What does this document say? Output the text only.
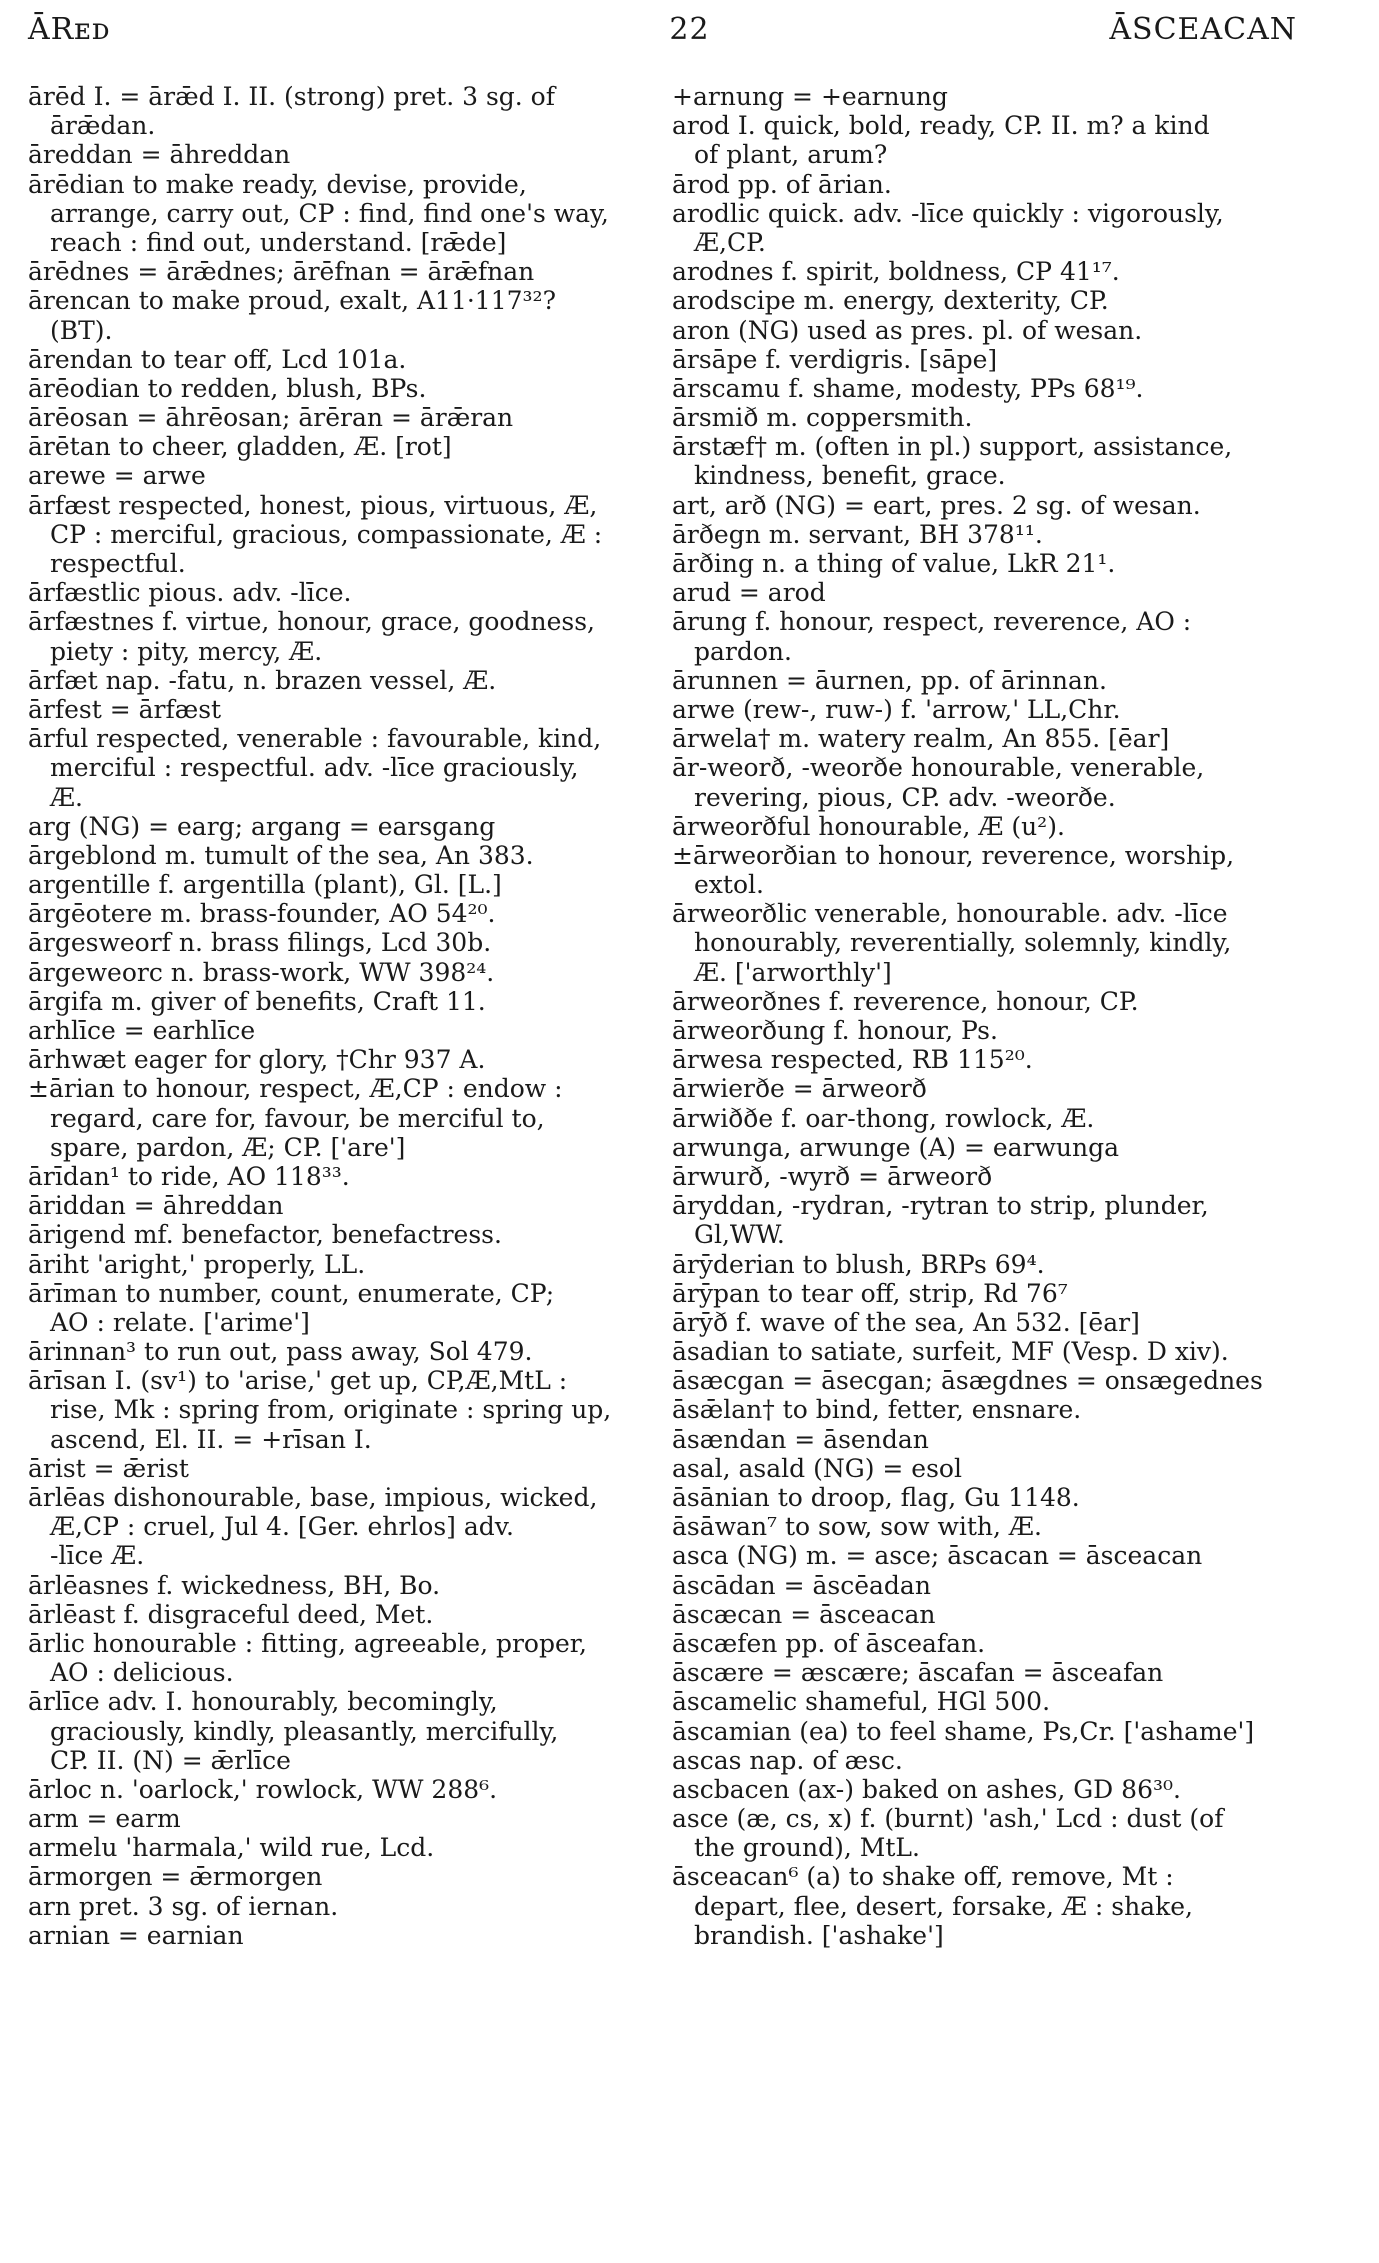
ĀRᴇᴅ	22	ĀSCEACAN
ārēd I. = ārǣd I. II. (strong) pret. 3 sg. of
ārǣdan.
āreddan = āhreddan
ārēdian to make ready, devise, provide,
arrange, carry out, CP : find, find one's way,
reach : find out, understand. [rǣde]
ārēdnes = ārǣdnes; ārēfnan = ārǣfnan
ārencan to make proud, exalt, A11·117³²?
(BT).
ārendan to tear off, Lcd 101a.
ārēodian to redden, blush, BPs.
ārēosan = āhrēosan; ārēran = ārǣran
ārētan to cheer, gladden, Æ. [rot]
arewe = arwe
ārfæst respected, honest, pious, virtuous, Æ,
CP : merciful, gracious, compassionate, Æ :
respectful.
ārfæstlic pious. adv. -līce.
ārfæstnes f. virtue, honour, grace, goodness,
piety : pity, mercy, Æ.
ārfæt nap. -fatu, n. brazen vessel, Æ.
ārfest = ārfæst
ārful respected, venerable : favourable, kind,
merciful : respectful. adv. -līce graciously,
Æ.
arg (NG) = earg; argang = earsgang
ārgeblond m. tumult of the sea, An 383.
argentille f. argentilla (plant), Gl. [L.]
ārgēotere m. brass-founder, AO 54²⁰.
ārgesweorf n. brass filings, Lcd 30b.
ārgeweorc n. brass-work, WW 398²⁴.
ārgifa m. giver of benefits, Craft 11.
arhlīce = earhlīce
ārhwæt eager for glory, †Chr 937 A.
±ārian to honour, respect, Æ,CP : endow :
regard, care for, favour, be merciful to,
spare, pardon, Æ; CP. ['are']
ārīdan¹ to ride, AO 118³³.
āriddan = āhreddan
ārigend mf. benefactor, benefactress.
āriht 'aright,' properly, LL.
ārīman to number, count, enumerate, CP;
AO : relate. ['arime']
ārinnan³ to run out, pass away, Sol 479.
ārīsan I. (sv¹) to 'arise,' get up, CP,Æ,MtL :
rise, Mk : spring from, originate : spring up,
ascend, El. II. = +rīsan I.
ārist = ǣrist
ārlēas dishonourable, base, impious, wicked,
Æ,CP : cruel, Jul 4. [Ger. ehrlos] adv.
-līce Æ.
ārlēasnes f. wickedness, BH, Bo.
ārlēast f. disgraceful deed, Met.
ārlic honourable : fitting, agreeable, proper,
AO : delicious.
ārlīce adv. I. honourably, becomingly,
graciously, kindly, pleasantly, mercifully,
CP. II. (N) = ǣrlīce
ārloc n. 'oarlock,' rowlock, WW 288⁶.
arm = earm
armelu 'harmala,' wild rue, Lcd.
ārmorgen = ǣrmorgen
arn pret. 3 sg. of iernan.
arnian = earnian
+arnung = +earnung
arod I. quick, bold, ready, CP. II. m? a kind
of plant, arum?
ārod pp. of ārian.
arodlic quick. adv. -līce quickly : vigorously,
Æ,CP.
arodnes f. spirit, boldness, CP 41¹⁷.
arodscipe m. energy, dexterity, CP.
aron (NG) used as pres. pl. of wesan.
ārsāpe f. verdigris. [sāpe]
ārscamu f. shame, modesty, PPs 68¹⁹.
ārsmið m. coppersmith.
ārstæf† m. (often in pl.) support, assistance,
kindness, benefit, grace.
art, arð (NG) = eart, pres. 2 sg. of wesan.
ārðegn m. servant, BH 378¹¹.
ārðing n. a thing of value, LkR 21¹.
arud = arod
ārung f. honour, respect, reverence, AO :
pardon.
ārunnen = āurnen, pp. of ārinnan.
arwe (rew-, ruw-) f. 'arrow,' LL,Chr.
ārwela† m. watery realm, An 855. [ēar]
ār-weorð, -weorðe honourable, venerable,
revering, pious, CP. adv. -weorðe.
ārweorðful honourable, Æ (u²).
±ārweorðian to honour, reverence, worship,
extol.
ārweorðlic venerable, honourable. adv. -līce
honourably, reverentially, solemnly, kindly,
Æ. ['arworthly']
ārweorðnes f. reverence, honour, CP.
ārweorðung f. honour, Ps.
ārwesa respected, RB 115²⁰.
ārwierðe = ārweorð
ārwiððe f. oar-thong, rowlock, Æ.
arwunga, arwunge (A) = earwunga
ārwurð, -wyrð = ārweorð
āryddan, -rydran, -rytran to strip, plunder,
Gl,WW.
ārȳderian to blush, BRPs 69⁴.
ārȳpan to tear off, strip, Rd 76⁷
ārȳð f. wave of the sea, An 532. [ēar]
āsadian to satiate, surfeit, MF (Vesp. D xiv).
āsæcgan = āsecgan; āsægdnes = onsægednes
āsǣlan† to bind, fetter, ensnare.
āsændan = āsendan
asal, asald (NG) = esol
āsānian to droop, flag, Gu 1148.
āsāwan⁷ to sow, sow with, Æ.
asca (NG) m. = asce; āscacan = āsceacan
āscādan = āscēadan
āscæcan = āsceacan
āscæfen pp. of āsceafan.
āscære = æscære; āscafan = āsceafan
āscamelic shameful, HGl 500.
āscamian (ea) to feel shame, Ps,Cr. ['ashame']
ascas nap. of æsc.
ascbacen (ax-) baked on ashes, GD 86³⁰.
asce (æ, cs, x) f. (burnt) 'ash,' Lcd : dust (of
the ground), MtL.
āsceacan⁶ (a) to shake off, remove, Mt :
depart, flee, desert, forsake, Æ : shake,
brandish. ['ashake']
